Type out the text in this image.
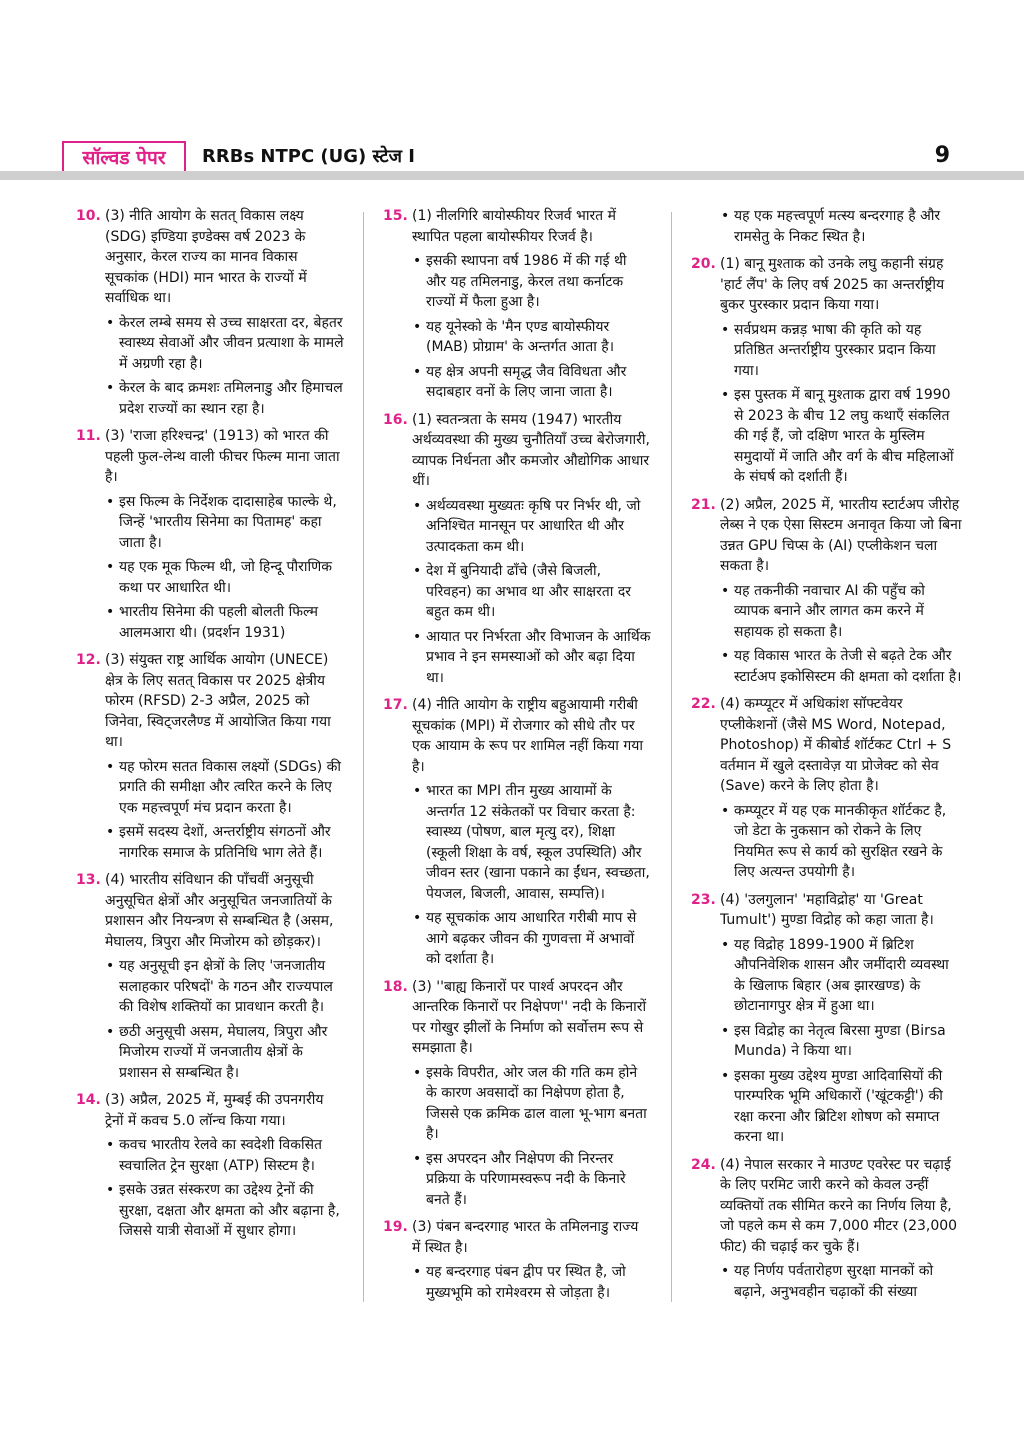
सॉल्वड पेपर	RRBs NTPC (UG) स्टेज I	9
10. (3) नीति आयोग के सतत् विकास लक्ष्य (SDG) इण्डिया इण्डेक्स वर्ष 2023 के अनुसार, केरल राज्य का मानव विकास सूचकांक (HDI) मान भारत के राज्यों में सर्वाधिक था।
• केरल लम्बे समय से उच्च साक्षरता दर, बेहतर स्वास्थ्य सेवाओं और जीवन प्रत्याशा के मामले में अग्रणी रहा है।
• केरल के बाद क्रमशः तमिलनाडु और हिमाचल प्रदेश राज्यों का स्थान रहा है।
11. (3) 'राजा हरिश्चन्द्र' (1913) को भारत की पहली फुल-लेन्थ वाली फीचर फिल्म माना जाता है।
• इस फिल्म के निर्देशक दादासाहेब फाल्के थे, जिन्हें 'भारतीय सिनेमा का पितामह' कहा जाता है।
• यह एक मूक फिल्म थी, जो हिन्दू पौराणिक कथा पर आधारित थी।
• भारतीय सिनेमा की पहली बोलती फिल्म आलमआरा थी। (प्रदर्शन 1931)
12. (3) संयुक्त राष्ट्र आर्थिक आयोग (UNECE) क्षेत्र के लिए सतत् विकास पर 2025 क्षेत्रीय फोरम (RFSD) 2-3 अप्रैल, 2025 को जिनेवा, स्विट्जरलैण्ड में आयोजित किया गया था।
• यह फोरम सतत विकास लक्ष्यों (SDGs) की प्रगति की समीक्षा और त्वरित करने के लिए एक महत्त्वपूर्ण मंच प्रदान करता है।
• इसमें सदस्य देशों, अन्तर्राष्ट्रीय संगठनों और नागरिक समाज के प्रतिनिधि भाग लेते हैं।
13. (4) भारतीय संविधान की पाँचवीं अनुसूची अनुसूचित क्षेत्रों और अनुसूचित जनजातियों के प्रशासन और नियन्त्रण से सम्बन्धित है (असम, मेघालय, त्रिपुरा और मिजोरम को छोड़कर)।
• यह अनुसूची इन क्षेत्रों के लिए 'जनजातीय सलाहकार परिषदों' के गठन और राज्यपाल की विशेष शक्तियों का प्रावधान करती है।
• छठी अनुसूची असम, मेघालय, त्रिपुरा और मिजोरम राज्यों में जनजातीय क्षेत्रों के प्रशासन से सम्बन्धित है।
14. (3) अप्रैल, 2025 में, मुम्बई की उपनगरीय ट्रेनों में कवच 5.0 लॉन्च किया गया।
• कवच भारतीय रेलवे का स्वदेशी विकसित स्वचालित ट्रेन सुरक्षा (ATP) सिस्टम है।
• इसके उन्नत संस्करण का उद्देश्य ट्रेनों की सुरक्षा, दक्षता और क्षमता को और बढ़ाना है, जिससे यात्री सेवाओं में सुधार होगा।
15. (1) नीलगिरि बायोस्फीयर रिजर्व भारत में स्थापित पहला बायोस्फीयर रिजर्व है।
• इसकी स्थापना वर्ष 1986 में की गई थी और यह तमिलनाडु, केरल तथा कर्नाटक राज्यों में फैला हुआ है।
• यह यूनेस्को के 'मैन एण्ड बायोस्फीयर (MAB) प्रोग्राम' के अन्तर्गत आता है।
• यह क्षेत्र अपनी समृद्ध जैव विविधता और सदाबहार वनों के लिए जाना जाता है।
16. (1) स्वतन्त्रता के समय (1947) भारतीय अर्थव्यवस्था की मुख्य चुनौतियाँ उच्च बेरोजगारी, व्यापक निर्धनता और कमजोर औद्योगिक आधार थीं।
• अर्थव्यवस्था मुख्यतः कृषि पर निर्भर थी, जो अनिश्चित मानसून पर आधारित थी और उत्पादकता कम थी।
• देश में बुनियादी ढाँचे (जैसे बिजली, परिवहन) का अभाव था और साक्षरता दर बहुत कम थी।
• आयात पर निर्भरता और विभाजन के आर्थिक प्रभाव ने इन समस्याओं को और बढ़ा दिया था।
17. (4) नीति आयोग के राष्ट्रीय बहुआयामी गरीबी सूचकांक (MPI) में रोजगार को सीधे तौर पर एक आयाम के रूप पर शामिल नहीं किया गया है।
• भारत का MPI तीन मुख्य आयामों के अन्तर्गत 12 संकेतकों पर विचार करता है: स्वास्थ्य (पोषण, बाल मृत्यु दर), शिक्षा (स्कूली शिक्षा के वर्ष, स्कूल उपस्थिति) और जीवन स्तर (खाना पकाने का ईंधन, स्वच्छता, पेयजल, बिजली, आवास, सम्पत्ति)।
• यह सूचकांक आय आधारित गरीबी माप से आगे बढ़कर जीवन की गुणवत्ता में अभावों को दर्शाता है।
18. (3) ''बाह्य किनारों पर पार्श्व अपरदन और आन्तरिक किनारों पर निक्षेपण'' नदी के किनारों पर गोखुर झीलों के निर्माण को सर्वोत्तम रूप से समझाता है।
• इसके विपरीत, ओर जल की गति कम होने के कारण अवसादों का निक्षेपण होता है, जिससे एक क्रमिक ढाल वाला भू-भाग बनता है।
• इस अपरदन और निक्षेपण की निरन्तर प्रक्रिया के परिणामस्वरूप नदी के किनारे बनते हैं।
19. (3) पंबन बन्दरगाह भारत के तमिलनाडु राज्य में स्थित है।
• यह बन्दरगाह पंबन द्वीप पर स्थित है, जो मुख्यभूमि को रामेश्वरम से जोड़ता है।
• यह एक महत्त्वपूर्ण मत्स्य बन्दरगाह है और रामसेतु के निकट स्थित है।
20. (1) बानू मुश्ताक को उनके लघु कहानी संग्रह 'हार्ट लैंप' के लिए वर्ष 2025 का अन्तर्राष्ट्रीय बुकर पुरस्कार प्रदान किया गया।
• सर्वप्रथम कन्नड़ भाषा की कृति को यह प्रतिष्ठित अन्तर्राष्ट्रीय पुरस्कार प्रदान किया गया।
• इस पुस्तक में बानू मुश्ताक द्वारा वर्ष 1990 से 2023 के बीच 12 लघु कथाएँ संकलित की गई हैं, जो दक्षिण भारत के मुस्लिम समुदायों में जाति और वर्ग के बीच महिलाओं के संघर्ष को दर्शाती हैं।
21. (2) अप्रैल, 2025 में, भारतीय स्टार्टअप जीरोह लेब्स ने एक ऐसा सिस्टम अनावृत किया जो बिना उन्नत GPU चिप्स के (AI) एप्लीकेशन चला सकता है।
• यह तकनीकी नवाचार AI की पहुँच को व्यापक बनाने और लागत कम करने में सहायक हो सकता है।
• यह विकास भारत के तेजी से बढ़ते टेक और स्टार्टअप इकोसिस्टम की क्षमता को दर्शाता है।
22. (4) कम्प्यूटर में अधिकांश सॉफ्टवेयर एप्लीकेशनों (जैसे MS Word, Notepad, Photoshop) में कीबोर्ड शॉर्टकट Ctrl + S वर्तमान में खुले दस्तावेज़ या प्रोजेक्ट को सेव (Save) करने के लिए होता है।
• कम्प्यूटर में यह एक मानकीकृत शॉर्टकट है, जो डेटा के नुकसान को रोकने के लिए नियमित रूप से कार्य को सुरक्षित रखने के लिए अत्यन्त उपयोगी है।
23. (4) 'उलगुलान' 'महाविद्रोह' या 'Great Tumult') मुण्डा विद्रोह को कहा जाता है।
• यह विद्रोह 1899-1900 में ब्रिटिश औपनिवेशिक शासन और जमींदारी व्यवस्था के खिलाफ बिहार (अब झारखण्ड) के छोटानागपुर क्षेत्र में हुआ था।
• इस विद्रोह का नेतृत्व बिरसा मुण्डा (Birsa Munda) ने किया था।
• इसका मुख्य उद्देश्य मुण्डा आदिवासियों की पारम्परिक भूमि अधिकारों ('खूंटकट्टी') की रक्षा करना और ब्रिटिश शोषण को समाप्त करना था।
24. (4) नेपाल सरकार ने माउण्ट एवरेस्ट पर चढ़ाई के लिए परमिट जारी करने को केवल उन्हीं व्यक्तियों तक सीमित करने का निर्णय लिया है, जो पहले कम से कम 7,000 मीटर (23,000 फीट) की चढ़ाई कर चुके हैं।
• यह निर्णय पर्वतारोहण सुरक्षा मानकों को बढ़ाने, अनुभवहीन चढ़ाकों की संख्या
